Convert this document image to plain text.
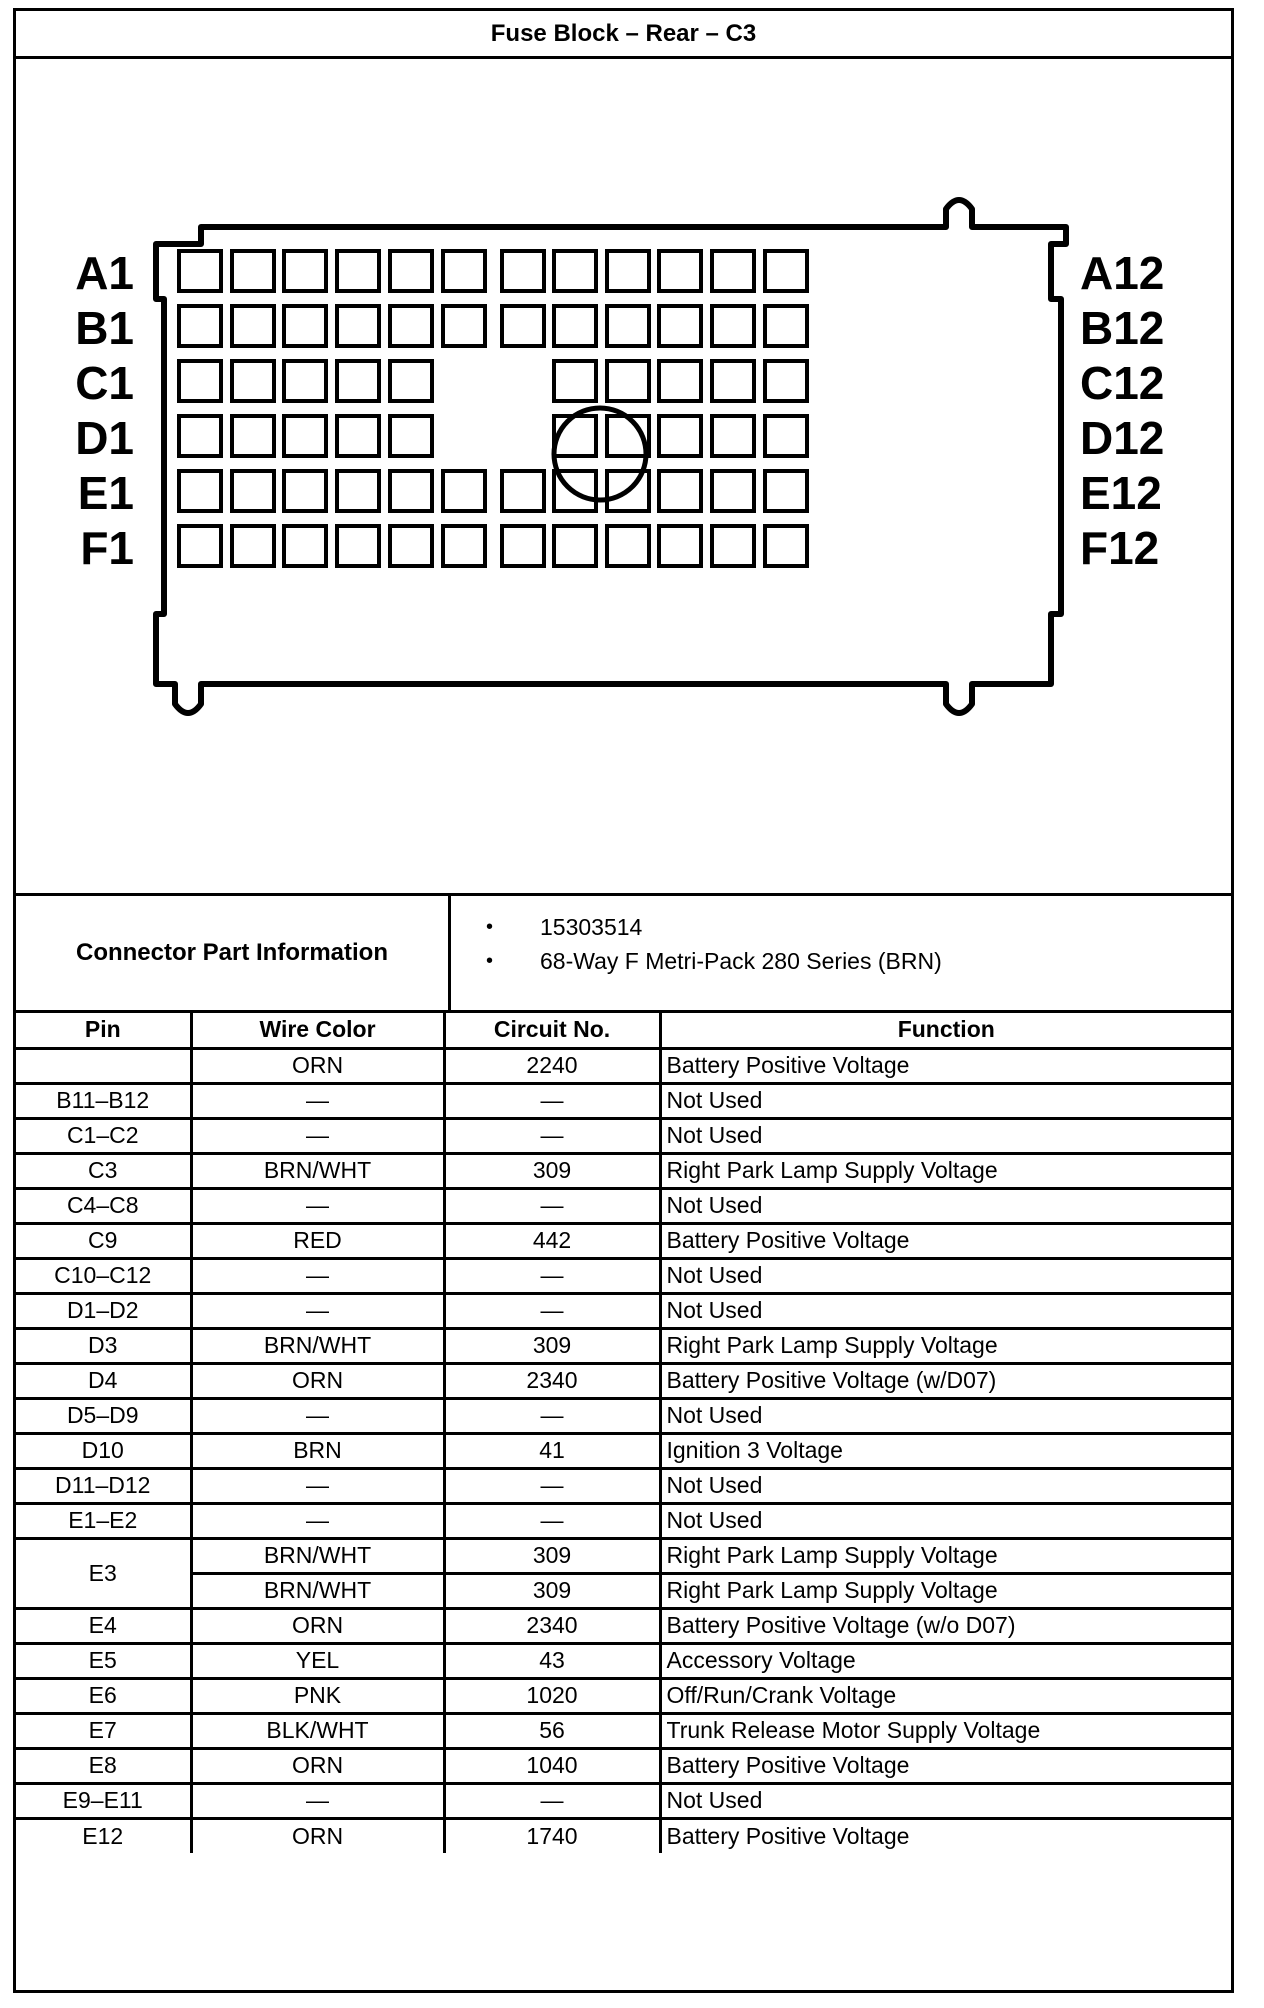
Fuse Block – Rear – C3
A1
B1
C1
D1
E1
F1
A12
B12
C12
D12
E12
F12
Connector Part Information
•	15303514
•	68-Way F Metri-Pack 280 Series (BRN)
Pin	Wire Color	Circuit No.	Function
	ORN	2240	Battery Positive Voltage
B11–B12	—	—	Not Used
C1–C2	—	—	Not Used
C3	BRN/WHT	309	Right Park Lamp Supply Voltage
C4–C8	—	—	Not Used
C9	RED	442	Battery Positive Voltage
C10–C12	—	—	Not Used
D1–D2	—	—	Not Used
D3	BRN/WHT	309	Right Park Lamp Supply Voltage
D4	ORN	2340	Battery Positive Voltage (w/D07)
D5–D9	—	—	Not Used
D10	BRN	41	Ignition 3 Voltage
D11–D12	—	—	Not Used
E1–E2	—	—	Not Used
E3	BRN/WHT	309	Right Park Lamp Supply Voltage
	BRN/WHT	309	Right Park Lamp Supply Voltage
E4	ORN	2340	Battery Positive Voltage (w/o D07)
E5	YEL	43	Accessory Voltage
E6	PNK	1020	Off/Run/Crank Voltage
E7	BLK/WHT	56	Trunk Release Motor Supply Voltage
E8	ORN	1040	Battery Positive Voltage
E9–E11	—	—	Not Used
E12	ORN	1740	Battery Positive Voltage
